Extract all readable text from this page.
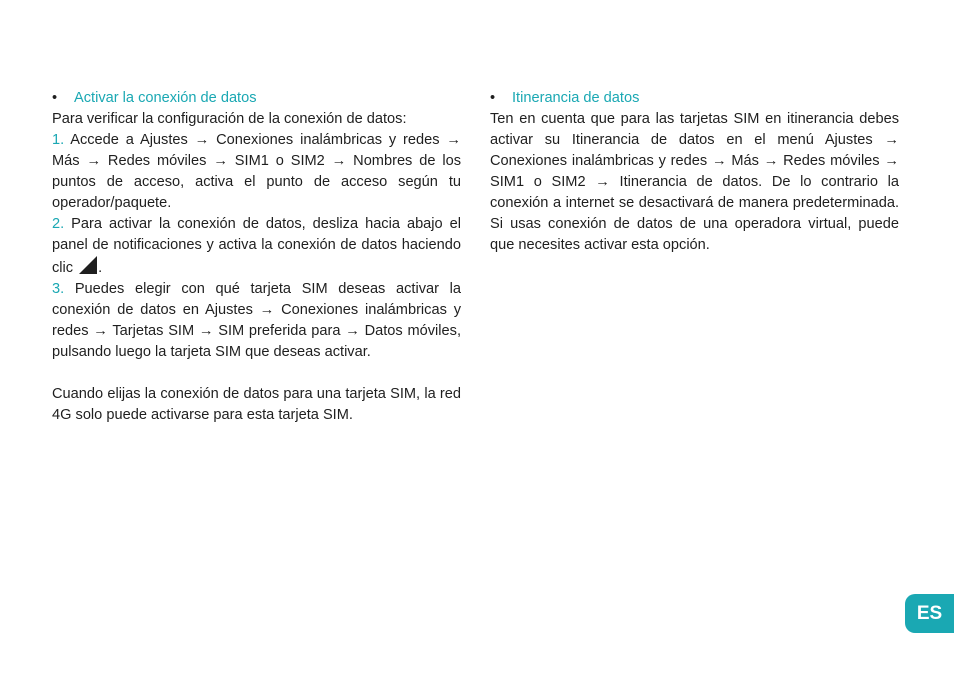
• Activar la conexión de datos

Para verificar la configuración de la conexión de datos:

1. Accede a Ajustes → Conexiones inalámbricas y redes → Más → Redes móviles → SIM1 o SIM2 → Nombres de los puntos de acceso, activa el punto de acceso según tu operador/paquete.

2. Para activar la conexión de datos, desliza hacia abajo el panel de notificaciones y activa la conexión de datos haciendo clic .

3. Puedes elegir con qué tarjeta SIM deseas activar la conexión de datos en Ajustes → Conexiones inalámbricas y redes → Tarjetas SIM → SIM preferida para → Datos móviles, pulsando luego la tarjeta SIM que deseas activar.

Cuando elijas la conexión de datos para una tarjeta SIM, la red 4G solo puede activarse para esta tarjeta SIM.

• Itinerancia de datos

Ten en cuenta que para las tarjetas SIM en itinerancia debes activar su Itinerancia de datos en el menú Ajustes → Conexiones inalámbricas y redes → Más → Redes móviles → SIM1 o SIM2 → Itinerancia de datos. De lo contrario la conexión a internet se desactivará de manera predeterminada. Si usas conexión de datos de una operadora virtual, puede que necesites activar esta opción.

ES
